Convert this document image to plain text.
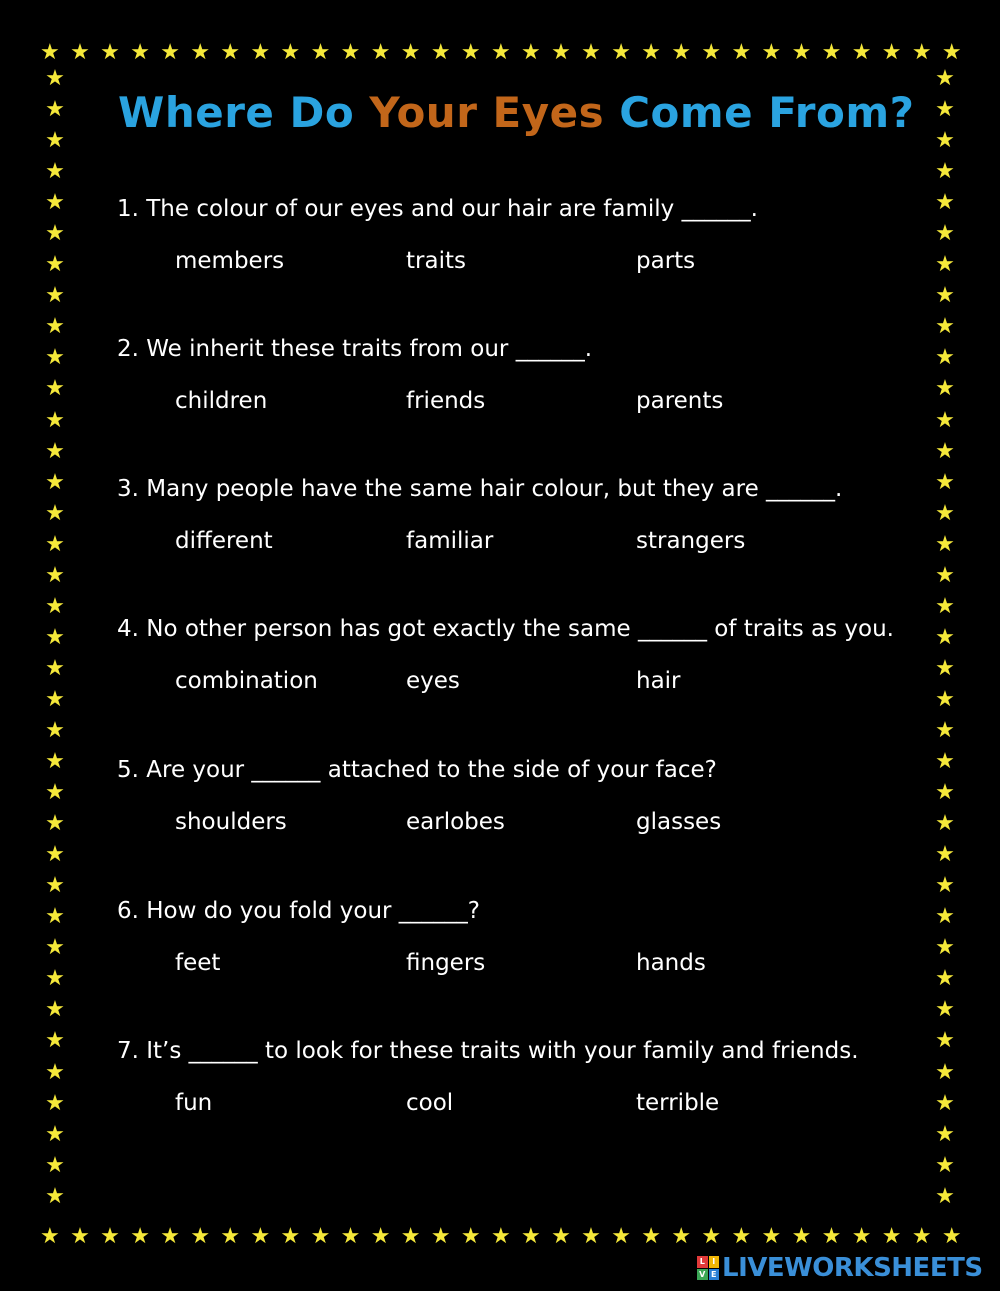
★ ★ ★ ★ ★ ★ ★ ★ ★ ★ ★ ★ ★ ★ ★ ★ ★ ★ ★ ★ ★ ★ ★ ★ ★ ★ ★ ★ ★ ★ ★
★ ★ ★ ★ ★ ★ ★ ★ ★ ★ ★ ★ ★ ★ ★ ★ ★ ★ ★ ★ ★ ★ ★ ★ ★ ★ ★ ★ ★ ★ ★
★
★
★
★
★
★
★
★
★
★
★
★
★
★
★
★
★
★
★
★
★
★
★
★
★
★
★
★
★
★
★
★
★
★
★
★
★
★
★
★
★
★
★
★
★
★
★
★
★
★
★
★
★
★
★
★
★
★
★
★
★
★
★
★
★
★
★
★
★
★
★
★
★
★
Where Do Your Eyes Come From?

1. The colour of our eyes and our hair are family ______.

members	traits	parts

2. We inherit these traits from our ______.

children	friends	parents

3. Many people have the same hair colour, but they are ______.

different	familiar	strangers

4. No other person has got exactly the same ______ of traits as you.

combination	eyes	hair

5. Are your ______ attached to the side of your face?

shoulders	earlobes	glasses

6. How do you fold your ______?

feet	fingers	hands

7. It’s ______ to look for these traits with your family and friends.

fun	cool	terrible
L I
V E LIVEWORKSHEETS
